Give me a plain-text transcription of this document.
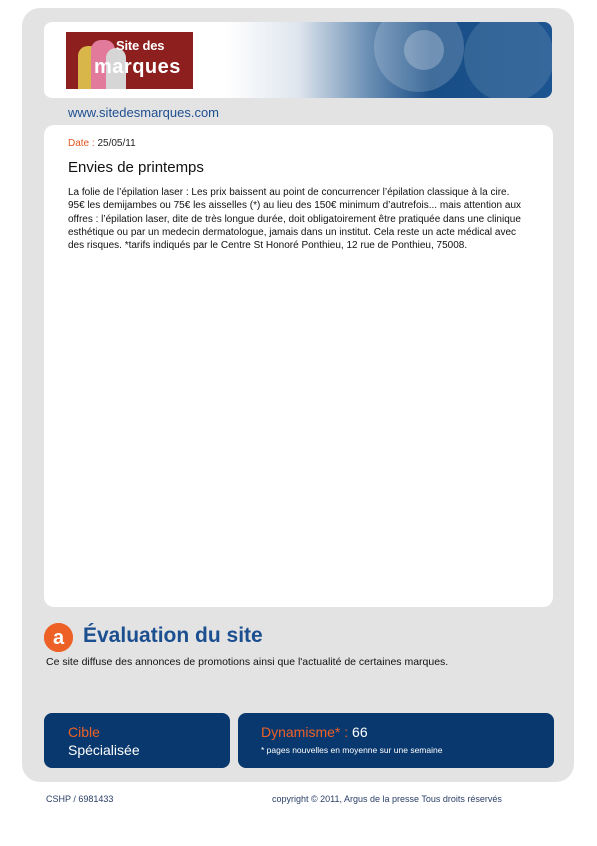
Site des
marques
www.sitedesmarques.com
Date : 25/05/11
Envies de printemps
La folie de l’épilation laser : Les prix baissent au point de concurrencer l’épilation classique à la cire. 95€ les demijambes ou 75€ les aisselles (*) au lieu des 150€ minimum d’autrefois... mais attention aux offres : l’épilation laser, dite de très longue durée, doit obligatoirement être pratiquée dans une clinique esthétique ou par un medecin dermatologue, jamais dans un institut. Cela reste un acte médical avec des risques. *tarifs indiqués par le Centre St Honoré Ponthieu, 12 rue de Ponthieu, 75008.
a Évaluation du site
Ce site diffuse des annonces de promotions ainsi que l'actualité de certaines marques.
Cible
Spécialisée
Dynamisme* : 66
* pages nouvelles en moyenne sur une semaine
CSHP / 6981433	copyright © 2011, Argus de la presse Tous droits réservés
